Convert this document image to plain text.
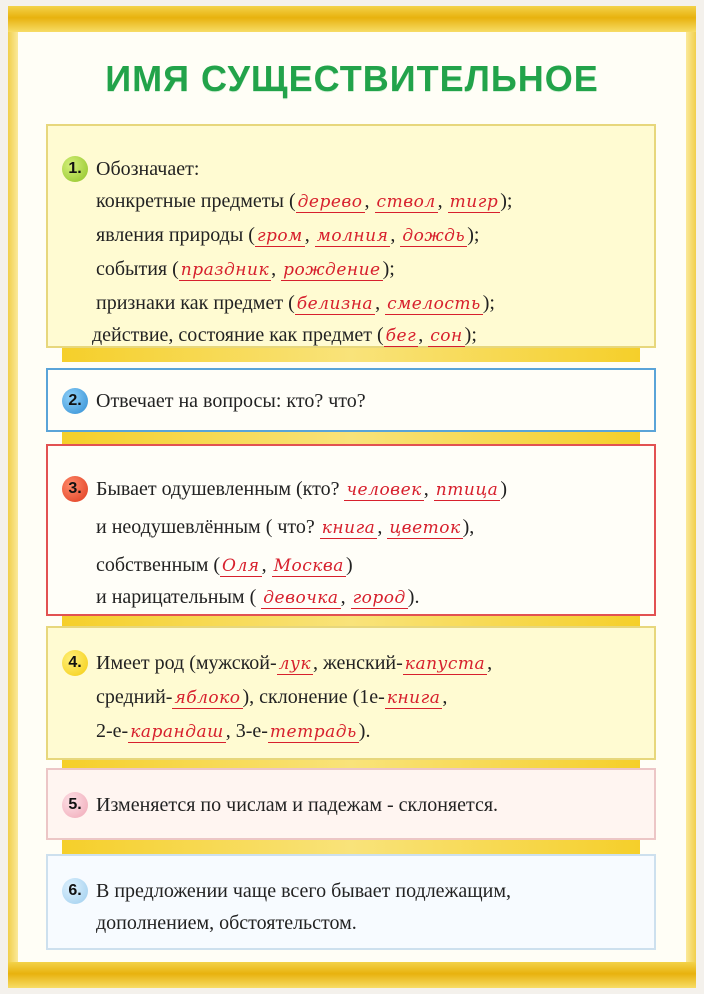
ИМЯ СУЩЕСТВИТЕЛЬНОЕ
1. Обозначает:
конкретные предметы ( дерево , ствол , тигр );
явления природы ( гром , молния , дождь );
события ( праздник , рождение );
признаки как предмет ( белизна , смелость );
действие, состояние как предмет ( бег , сон );
2. Отвечает на вопросы: кто? что?
3. Бывает одушевленным (кто? человек , птица )
и неодушевлённым ( что? книга , цветок ),
собственным ( Оля , Москва )
и нарицательным ( девочка , город ).
4. Имеет род (мужской- лук , женский- капуста ,
средний- яблоко ), склонение (1е- книга ,
2-е- карандаш , 3-е- тетрадь ).
5. Изменяется по числам и падежам - склоняется.
6. В предложении чаще всего бывает подлежащим,
дополнением, обстоятельстом.
